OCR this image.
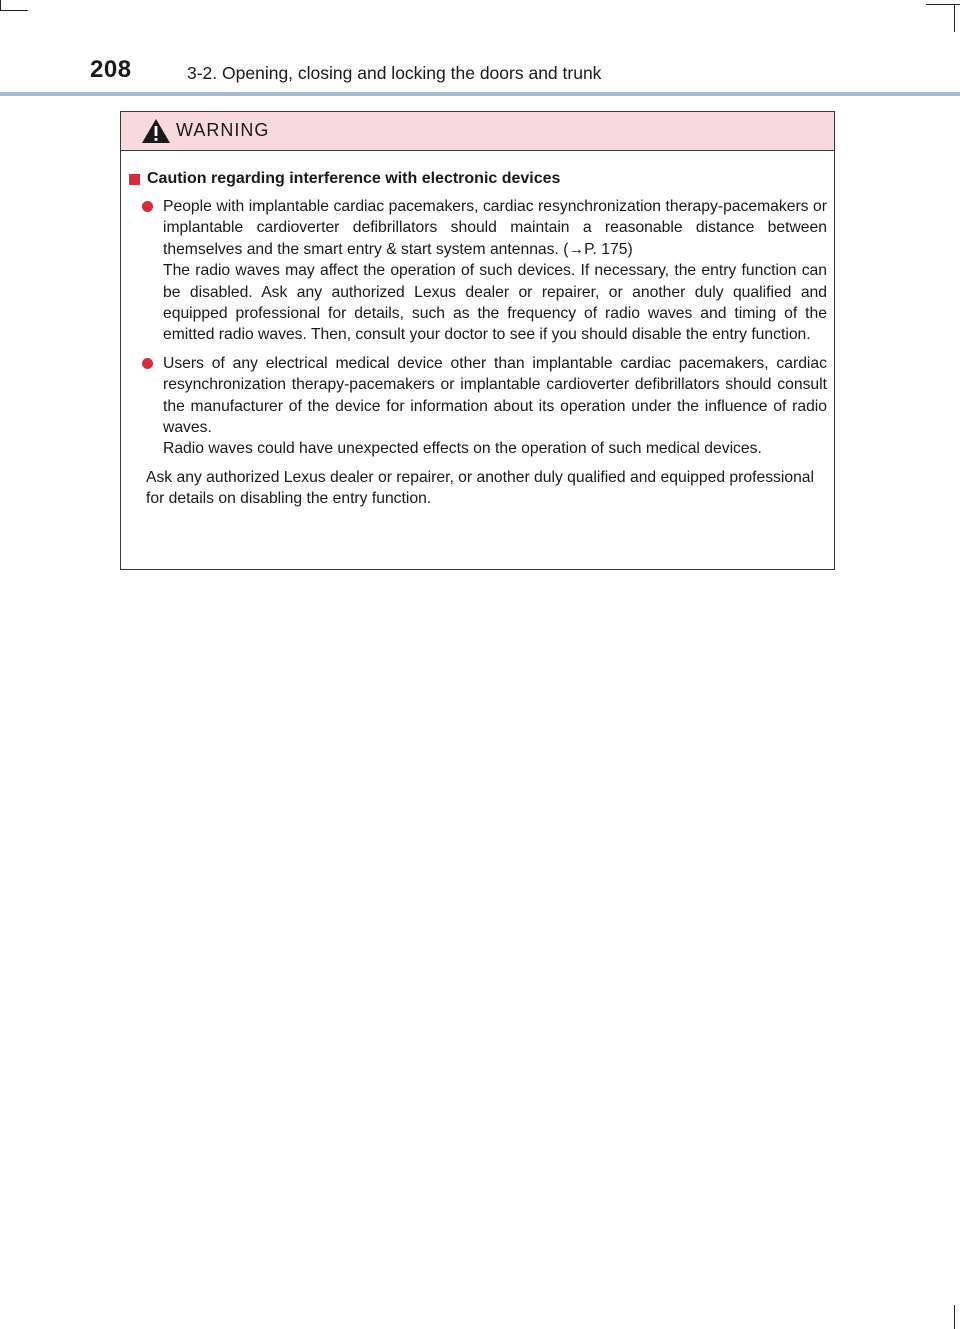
208	3-2. Opening, closing and locking the doors and trunk
WARNING
Caution regarding interference with electronic devices

People with implantable cardiac pacemakers, cardiac resynchronization therapy-pacemakers or implantable cardioverter defibrillators should maintain a reasonable distance between themselves and the smart entry & start system antennas. (→P. 175)

The radio waves may affect the operation of such devices. If necessary, the entry function can be disabled. Ask any authorized Lexus dealer or repairer, or another duly qualified and equipped professional for details, such as the frequency of radio waves and timing of the emitted radio waves. Then, consult your doctor to see if you should disable the entry function.

Users of any electrical medical device other than implantable cardiac pacemakers, cardiac resynchronization therapy-pacemakers or implantable cardioverter defibrillators should consult the manufacturer of the device for information about its operation under the influence of radio waves.

Radio waves could have unexpected effects on the operation of such medical devices.

Ask any authorized Lexus dealer or repairer, or another duly qualified and equipped professional for details on disabling the entry function.
